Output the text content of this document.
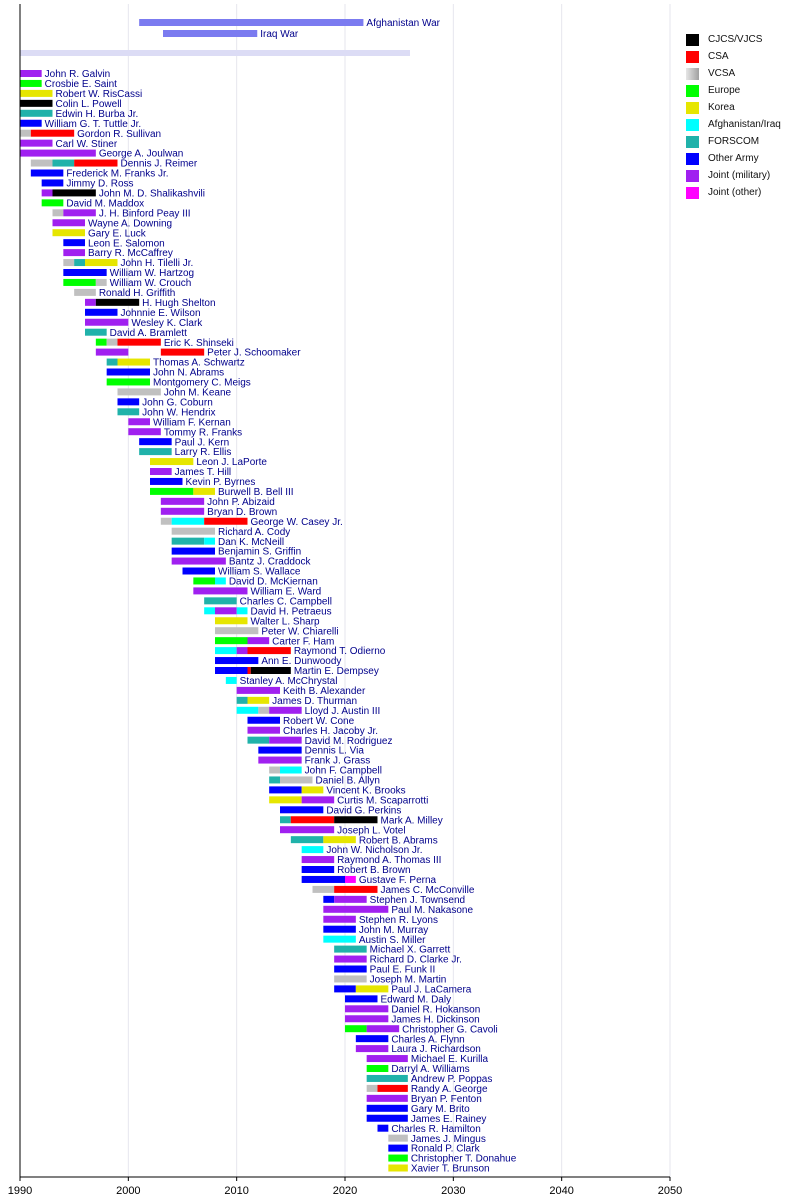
Afghanistan War
Iraq War
John R. Galvin
Crosbie E. Saint
Robert W. RisCassi
Colin L. Powell
Edwin H. Burba Jr.
William G. T. Tuttle Jr.
Gordon R. Sullivan
Carl W. Stiner
George A. Joulwan
Dennis J. Reimer
Frederick M. Franks Jr.
Jimmy D. Ross
John M. D. Shalikashvili
David M. Maddox
J. H. Binford Peay III
Wayne A. Downing
Gary E. Luck
Leon E. Salomon
Barry R. McCaffrey
John H. Tilelli Jr.
William W. Hartzog
William W. Crouch
Ronald H. Griffith
H. Hugh Shelton
Johnnie E. Wilson
Wesley K. Clark
David A. Bramlett
Eric K. Shinseki
Peter J. Schoomaker
Thomas A. Schwartz
John N. Abrams
Montgomery C. Meigs
John M. Keane
John G. Coburn
John W. Hendrix
William F. Kernan
Tommy R. Franks
Paul J. Kern
Larry R. Ellis
Leon J. LaPorte
James T. Hill
Kevin P. Byrnes
Burwell B. Bell III
John P. Abizaid
Bryan D. Brown
George W. Casey Jr.
Richard A. Cody
Dan K. McNeill
Benjamin S. Griffin
Bantz J. Craddock
William S. Wallace
David D. McKiernan
William E. Ward
Charles C. Campbell
David H. Petraeus
Walter L. Sharp
Peter W. Chiarelli
Carter F. Ham
Raymond T. Odierno
Ann E. Dunwoody
Martin E. Dempsey
Stanley A. McChrystal
Keith B. Alexander
James D. Thurman
Lloyd J. Austin III
Robert W. Cone
Charles H. Jacoby Jr.
David M. Rodriguez
Dennis L. Via
Frank J. Grass
John F. Campbell
Daniel B. Allyn
Vincent K. Brooks
Curtis M. Scaparrotti
David G. Perkins
Mark A. Milley
Joseph L. Votel
Robert B. Abrams
John W. Nicholson Jr.
Raymond A. Thomas III
Robert B. Brown
Gustave F. Perna
James C. McConville
Stephen J. Townsend
Paul M. Nakasone
Stephen R. Lyons
John M. Murray
Austin S. Miller
Michael X. Garrett
Richard D. Clarke Jr.
Paul E. Funk II
Joseph M. Martin
Paul J. LaCamera
Edward M. Daly
Daniel R. Hokanson
James H. Dickinson
Christopher G. Cavoli
Charles A. Flynn
Laura J. Richardson
Michael E. Kurilla
Darryl A. Williams
Andrew P. Poppas
Randy A. George
Bryan P. Fenton
Gary M. Brito
James E. Rainey
Charles R. Hamilton
James J. Mingus
Ronald P. Clark
Christopher T. Donahue
Xavier T. Brunson
1990	2000	2010	2020	2030	2040	2050
CJCS/VJCS
CSA
VCSA
Europe
Korea
Afghanistan/Iraq
FORSCOM
Other Army
Joint (military)
Joint (other)
